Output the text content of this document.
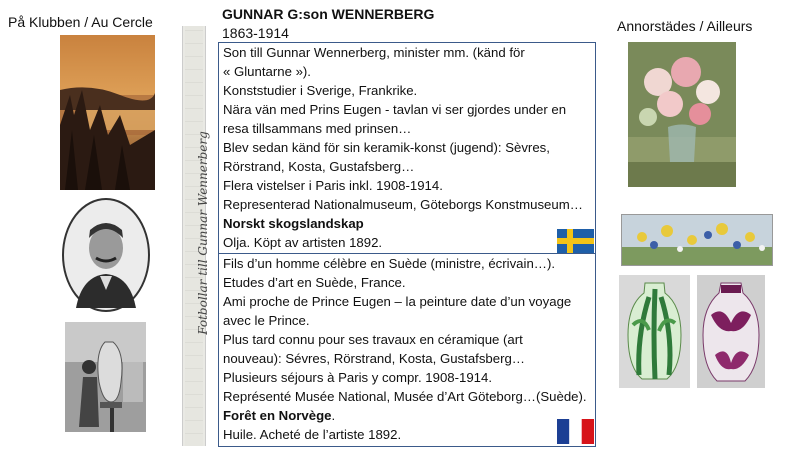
På Klubben / Au Cercle
Fotbollar till Gunnar Wennerberg
GUNNAR G:son WENNERBERG
1863-1914
Son till Gunnar Wennerberg, minister mm. (känd för
« Gluntarne »).
Konststudier i Sverige, Frankrike.
Nära vän med Prins Eugen - tavlan vi ser gjordes under en
resa tillsammans med prinsen…
Blev sedan känd för sin keramik-konst (jugend): Sèvres,
Rörstrand, Kosta, Gustafsberg…
Flera vistelser i Paris inkl. 1908-1914.
Representerad Nationalmuseum, Göteborgs Konstmuseum…
Norskt skogslandskap
Olja. Köpt av artisten 1892.
Fils d’un homme célèbre en Suède (ministre, écrivain…).
Etudes d’art en Suède, France.
Ami proche de Prince Eugen – la peinture date d’un voyage
avec le Prince.
Plus tard connu pour ses travaux en céramique (art
nouveau): Sévres, Rörstrand, Kosta, Gustafsberg…
Plusieurs séjours à Paris y compr. 1908-1914.
Représenté Musée National, Musée d’Art Göteborg…(Suède).
Forêt en Norvège.
Huile. Acheté de l’artiste 1892.
Annorstädes / Ailleurs
